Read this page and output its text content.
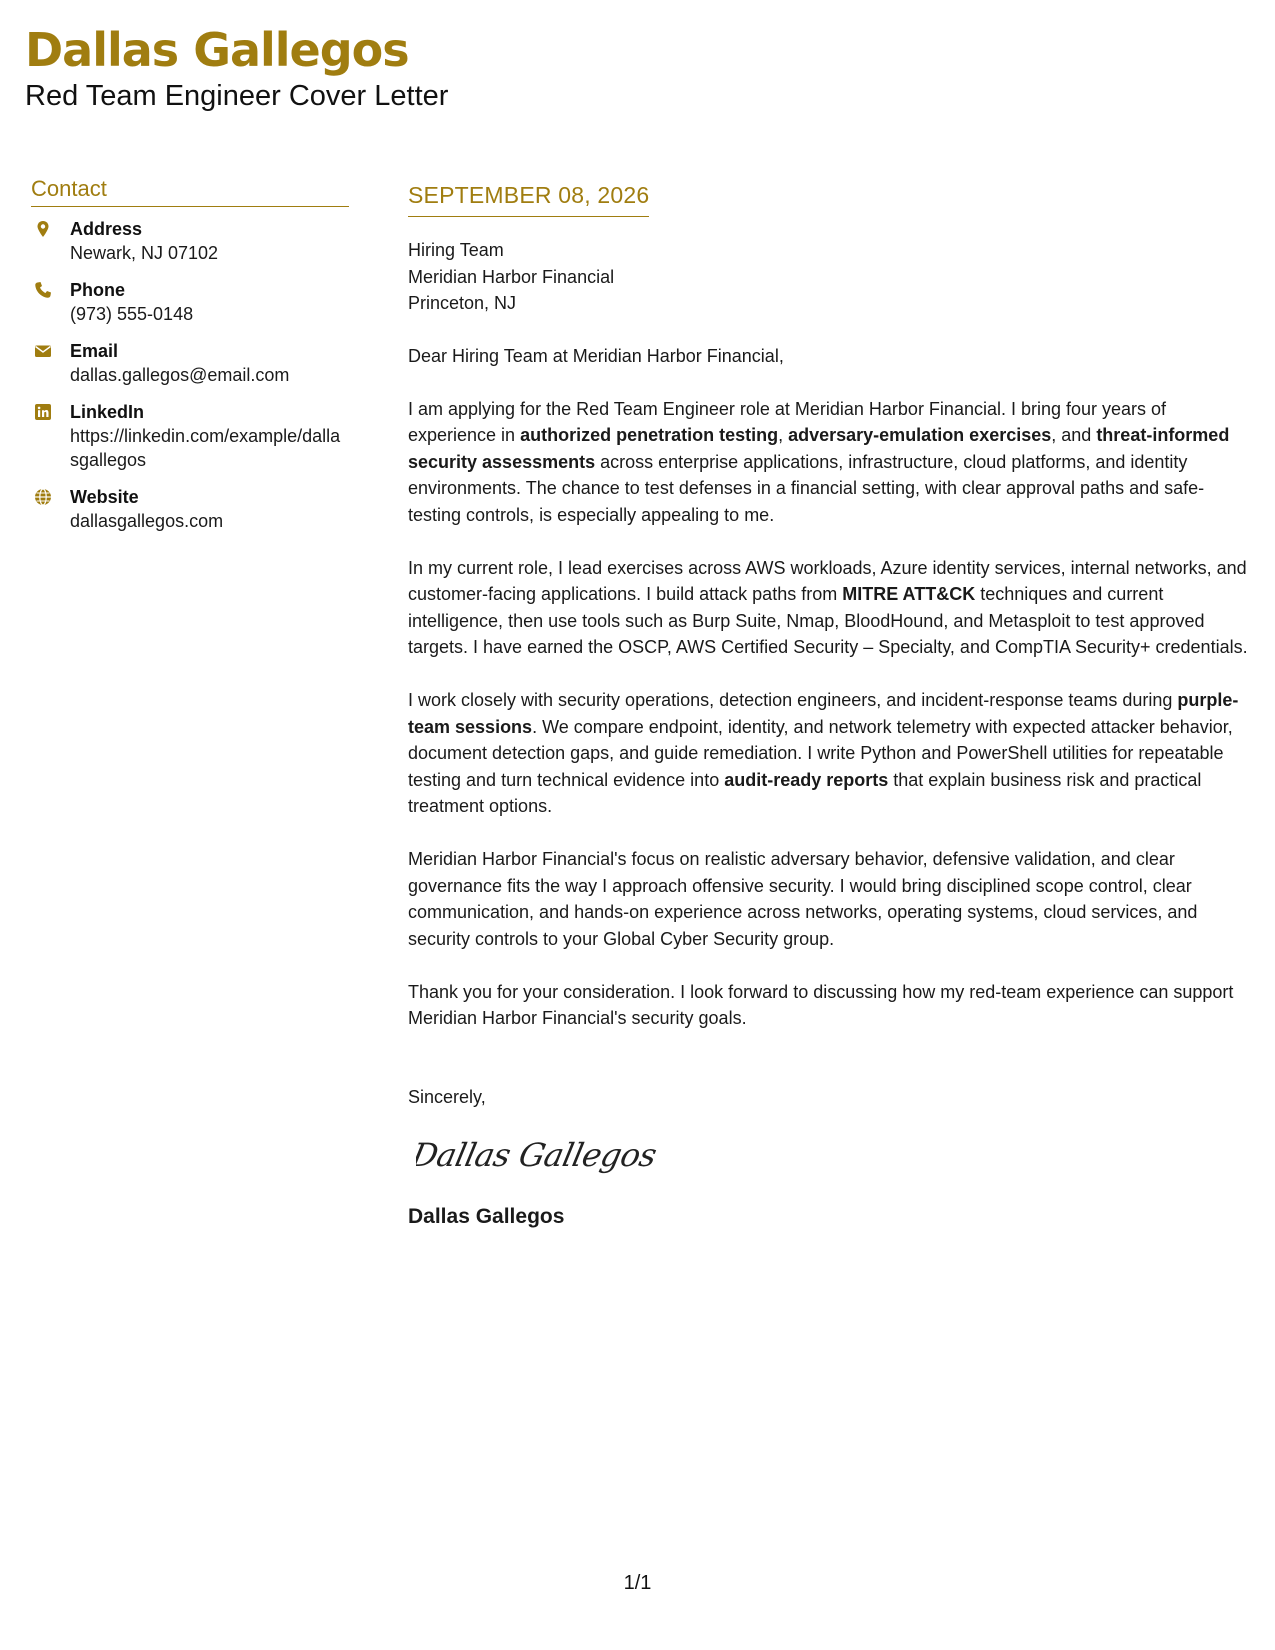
Dallas Gallegos
Red Team Engineer Cover Letter
Contact
Address
Newark, NJ 07102
Phone
(973) 555-0148
Email
dallas.gallegos@email.com
LinkedIn
https://linkedin.com/example/dallasgallegos
Website
dallasgallegos.com
SEPTEMBER 08, 2026
Hiring Team
Meridian Harbor Financial
Princeton, NJ
Dear Hiring Team at Meridian Harbor Financial,

I am applying for the Red Team Engineer role at Meridian Harbor Financial. I bring four years of experience in authorized penetration testing, adversary-emulation exercises, and threat-informed security assessments across enterprise applications, infrastructure, cloud platforms, and identity environments. The chance to test defenses in a financial setting, with clear approval paths and safe-testing controls, is especially appealing to me.

In my current role, I lead exercises across AWS workloads, Azure identity services, internal networks, and customer-facing applications. I build attack paths from MITRE ATT&CK techniques and current intelligence, then use tools such as Burp Suite, Nmap, BloodHound, and Metasploit to test approved targets. I have earned the OSCP, AWS Certified Security – Specialty, and CompTIA Security+ credentials.

I work closely with security operations, detection engineers, and incident-response teams during purple-team sessions. We compare endpoint, identity, and network telemetry with expected attacker behavior, document detection gaps, and guide remediation. I write Python and PowerShell utilities for repeatable testing and turn technical evidence into audit-ready reports that explain business risk and practical treatment options.

Meridian Harbor Financial's focus on realistic adversary behavior, defensive validation, and clear governance fits the way I approach offensive security. I would bring disciplined scope control, clear communication, and hands-on experience across networks, operating systems, cloud services, and security controls to your Global Cyber Security group.

Thank you for your consideration. I look forward to discussing how my red-team experience can support Meridian Harbor Financial's security goals.

Sincerely,
Dallas Gallegos
Dallas Gallegos
1/1
